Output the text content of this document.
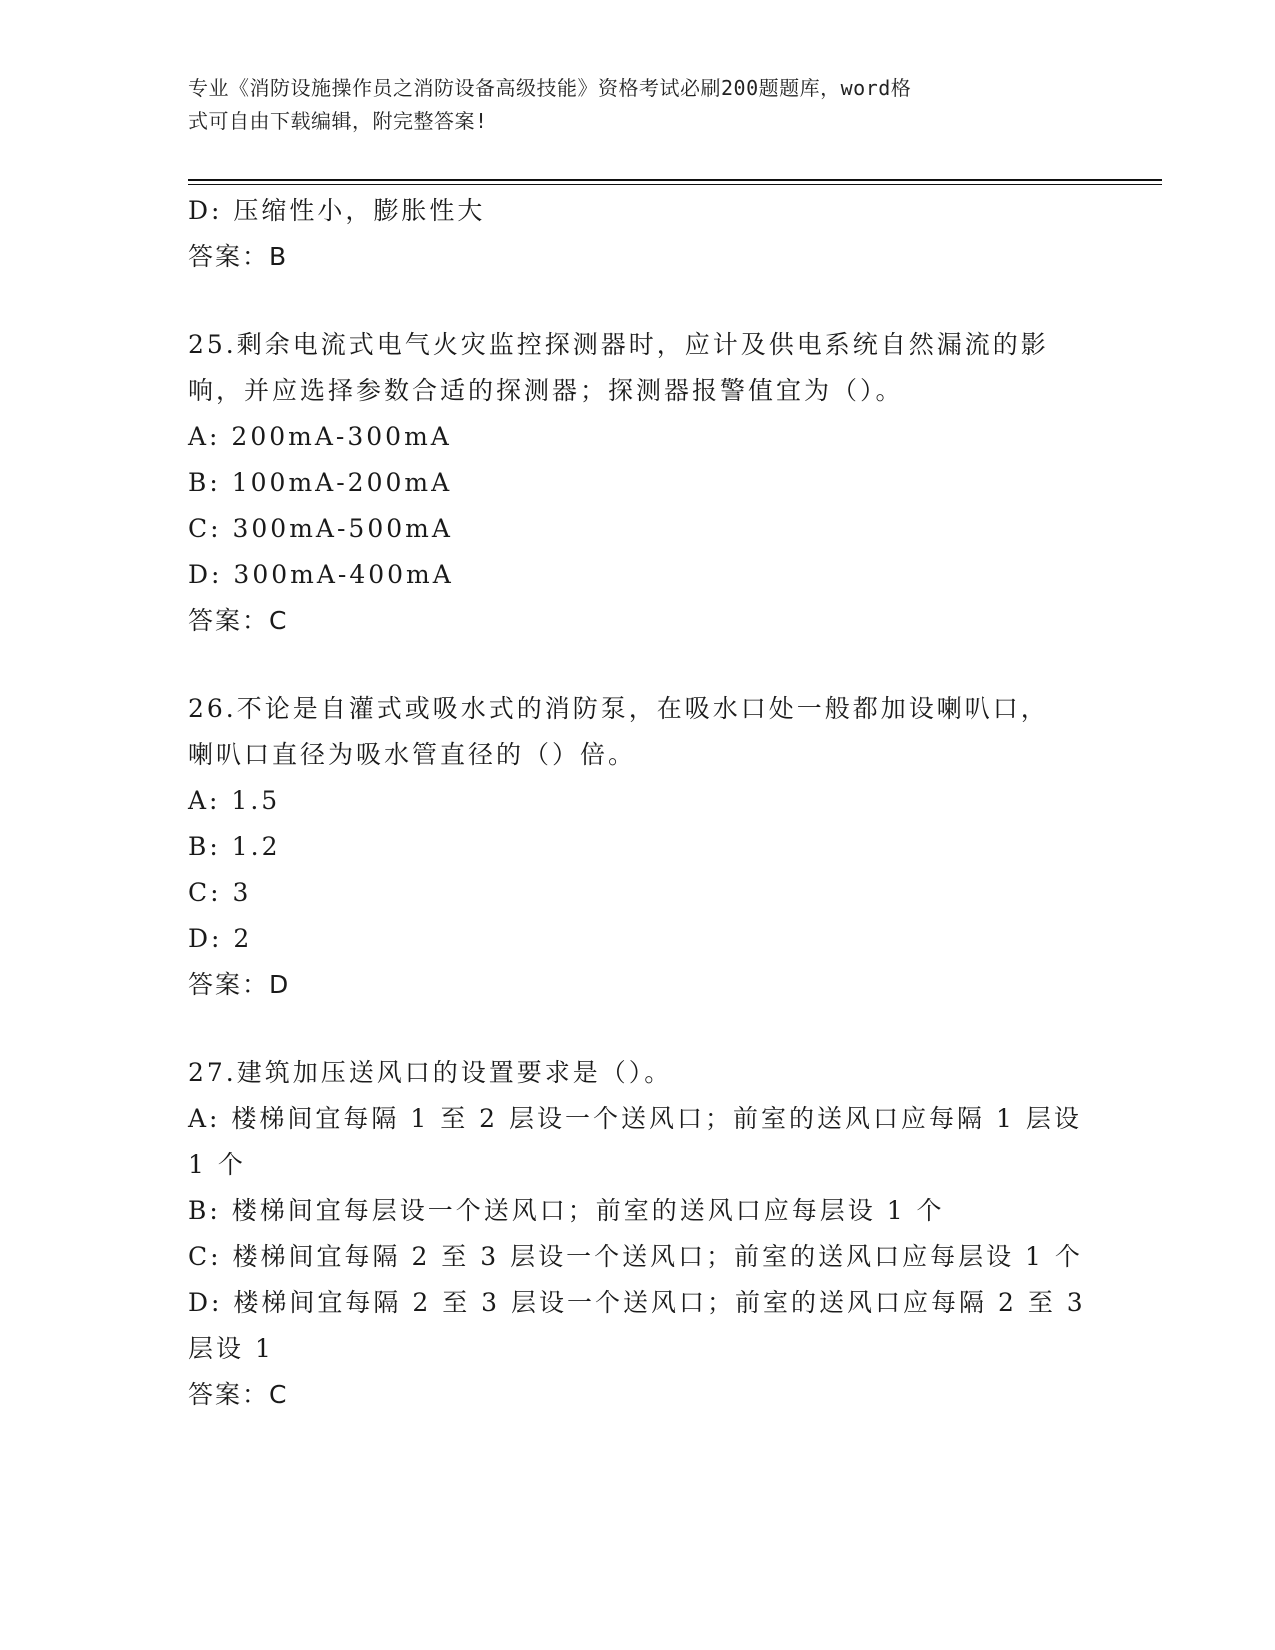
专业《消防设施操作员之消防设备高级技能》资格考试必刷200题题库，word格
式可自由下载编辑，附完整答案!
D: 压缩性小，膨胀性大
答案：B
25.剩余电流式电气火灾监控探测器时，应计及供电系统自然漏流的影
响，并应选择参数合适的探测器；探测器报警值宜为（）。
A: 200mA-300mA
B: 100mA-200mA
C: 300mA-500mA
D: 300mA-400mA
答案：C
26.不论是自灌式或吸水式的消防泵，在吸水口处一般都加设喇叭口，
喇叭口直径为吸水管直径的（）倍。
A: 1.5
B: 1.2
C: 3
D: 2
答案：D
27.建筑加压送风口的设置要求是（）。
A: 楼梯间宜每隔 1 至 2 层设一个送风口；前室的送风口应每隔 1 层设
1 个
B: 楼梯间宜每层设一个送风口；前室的送风口应每层设 1 个
C: 楼梯间宜每隔 2 至 3 层设一个送风口；前室的送风口应每层设 1 个
D: 楼梯间宜每隔 2 至 3 层设一个送风口；前室的送风口应每隔 2 至 3
层设 1
答案：C
